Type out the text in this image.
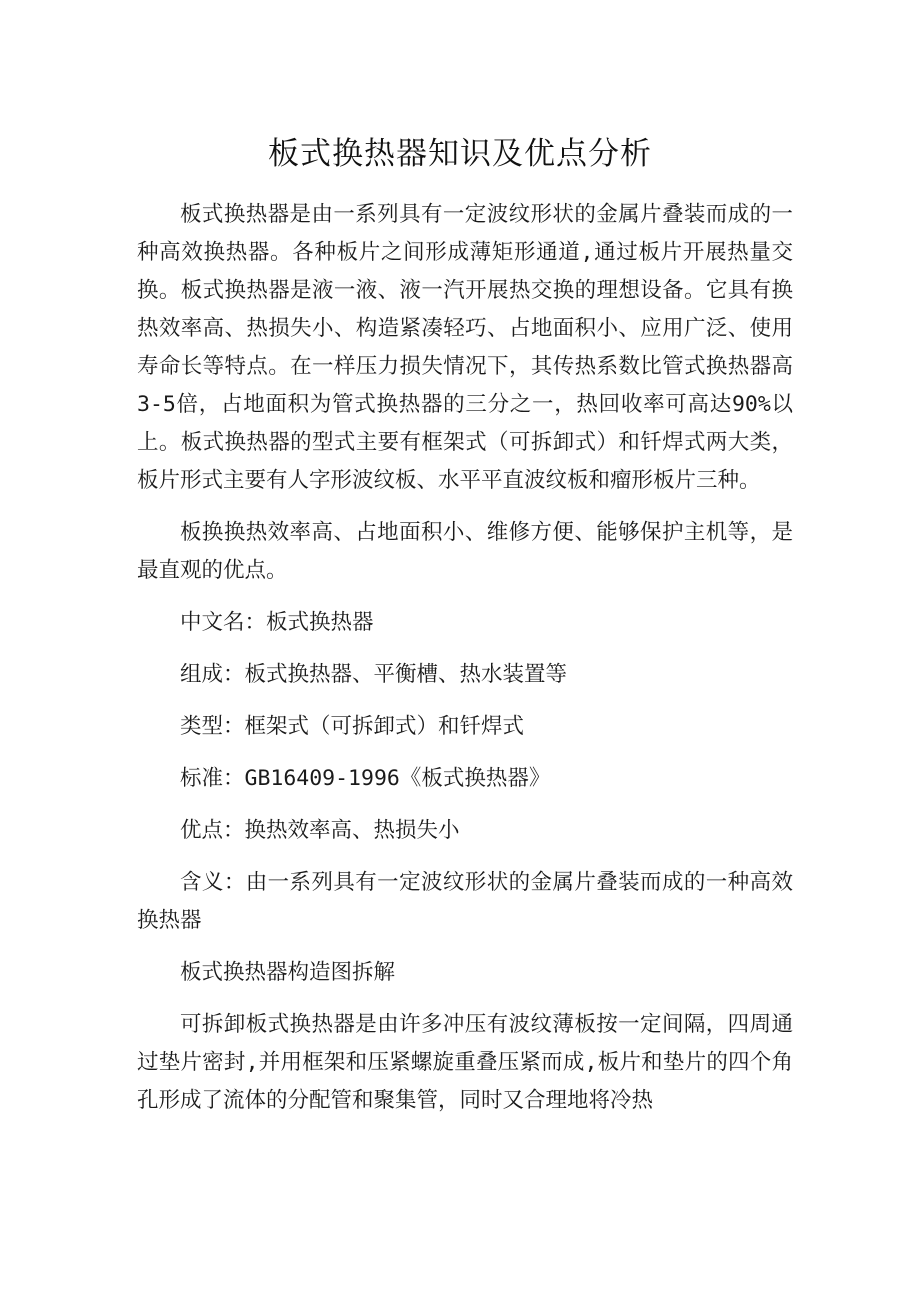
板式换热器知识及优点分析

板式换热器是由一系列具有一定波纹形状的金属片叠装而成的一种高效换热器。各种板片之间形成薄矩形通道,通过板片开展热量交换。板式换热器是液一液、液一汽开展热交换的理想设备。它具有换热效率高、热损失小、构造紧凑轻巧、占地面积小、应用广泛、使用寿命长等特点。在一样压力损失情况下，其传热系数比管式换热器高3-5倍，占地面积为管式换热器的三分之一，热回收率可高达90%以上。板式换热器的型式主要有框架式（可拆卸式）和钎焊式两大类，板片形式主要有人字形波纹板、水平平直波纹板和瘤形板片三种。

板换换热效率高、占地面积小、维修方便、能够保护主机等，是最直观的优点。

中文名：板式换热器

组成：板式换热器、平衡槽、热水装置等

类型：框架式（可拆卸式）和钎焊式

标准：GB16409-1996《板式换热器》

优点：换热效率高、热损失小

含义：由一系列具有一定波纹形状的金属片叠装而成的一种高效换热器

板式换热器构造图拆解

可拆卸板式换热器是由许多冲压有波纹薄板按一定间隔，四周通过垫片密封,并用框架和压紧螺旋重叠压紧而成,板片和垫片的四个角孔形成了流体的分配管和聚集管，同时又合理地将冷热
